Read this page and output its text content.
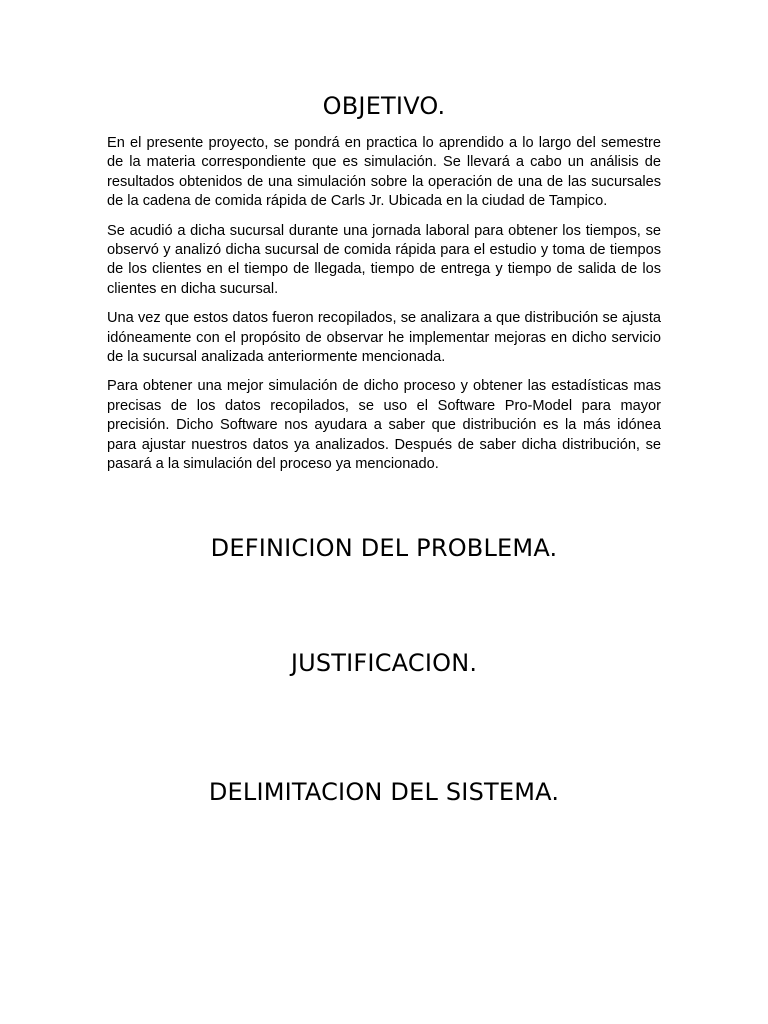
OBJETIVO.

En el presente proyecto, se pondrá en practica lo aprendido a lo largo del semestre de la materia correspondiente que es simulación. Se llevará a cabo un análisis de resultados obtenidos de una simulación sobre la operación de una de las sucursales de la cadena de comida rápida de Carls Jr. Ubicada en la ciudad de Tampico.

Se acudió a dicha sucursal durante una jornada laboral para obtener los tiempos, se observó y analizó dicha sucursal de comida rápida para el estudio y toma de tiempos de los clientes en el tiempo de llegada, tiempo de entrega y tiempo de salida de los clientes en dicha sucursal.

Una vez que estos datos fueron recopilados, se analizara a que distribución se ajusta idóneamente con el propósito de observar he implementar mejoras en dicho servicio de la sucursal analizada anteriormente mencionada.

Para obtener una mejor simulación de dicho proceso y obtener las estadísticas mas precisas de los datos recopilados, se uso el Software Pro-Model para mayor precisión. Dicho Software nos ayudara a saber que distribución es la más idónea para ajustar nuestros datos ya analizados. Después de saber dicha distribución, se pasará a la simulación del proceso ya mencionado.

DEFINICION DEL PROBLEMA.
JUSTIFICACION.
DELIMITACION DEL SISTEMA.
